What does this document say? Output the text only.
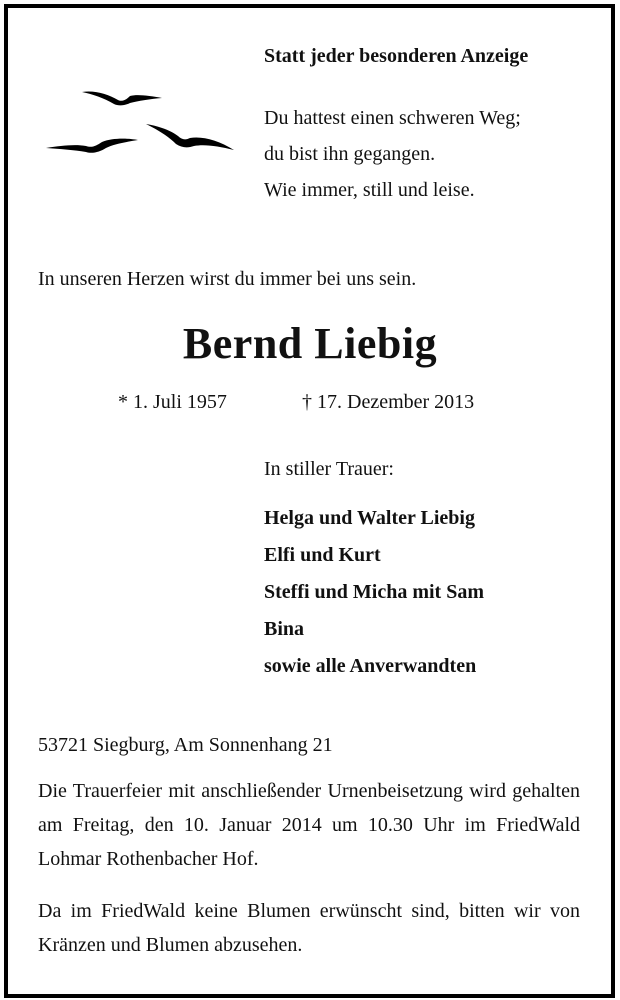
Statt jeder besonderen Anzeige

Du hattest einen schweren Weg;
du bist ihn gegangen.
Wie immer, still und leise.

In unseren Herzen wirst du immer bei uns sein.

Bernd Liebig

* 1. Juli 1957	† 17. Dezember 2013

In stiller Trauer:

Helga und Walter Liebig
Elfi und Kurt
Steffi und Micha mit Sam
Bina
sowie alle Anverwandten

53721 Siegburg, Am Sonnenhang 21

Die Trauerfeier mit anschließender Urnenbeisetzung wird gehalten am Freitag, den 10. Januar 2014 um 10.30 Uhr im FriedWald Lohmar Rothenbacher Hof.

Da im FriedWald keine Blumen erwünscht sind, bitten wir von Kränzen und Blumen abzusehen.
